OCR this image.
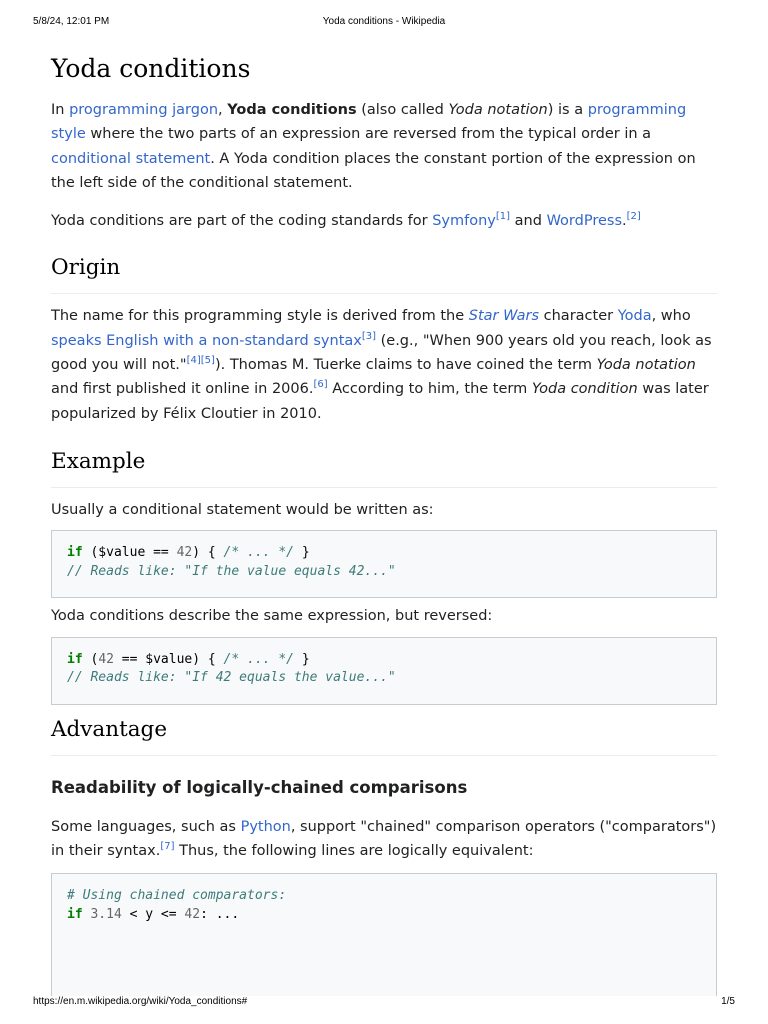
5/8/24, 12:01 PM	Yoda conditions - Wikipedia
Yoda conditions

In programming jargon, Yoda conditions (also called Yoda notation) is a programming style where the two parts of an expression are reversed from the typical order in a conditional statement. A Yoda condition places the constant portion of the expression on the left side of the conditional statement.

Yoda conditions are part of the coding standards for Symfony[1] and WordPress.[2]

Origin

The name for this programming style is derived from the Star Wars character Yoda, who speaks English with a non-standard syntax[3] (e.g., "When 900 years old you reach, look as good you will not."[4][5]). Thomas M. Tuerke claims to have coined the term Yoda notation and first published it online in 2006.[6] According to him, the term Yoda condition was later popularized by Félix Cloutier in 2010.

Example

Usually a conditional statement would be written as:

if ($value == 42) { /* ... */ }
// Reads like: "If the value equals 42..."

Yoda conditions describe the same expression, but reversed:

if (42 == $value) { /* ... */ }
// Reads like: "If 42 equals the value..."
Advantage
Readability of logically-chained comparisons

Some languages, such as Python, support "chained" comparison operators ("comparators") in their syntax.[7] Thus, the following lines are logically equivalent:

# Using chained comparators:
if 3.14 < y <= 42: ...
https://en.m.wikipedia.org/wiki/Yoda_conditions#	1/5
